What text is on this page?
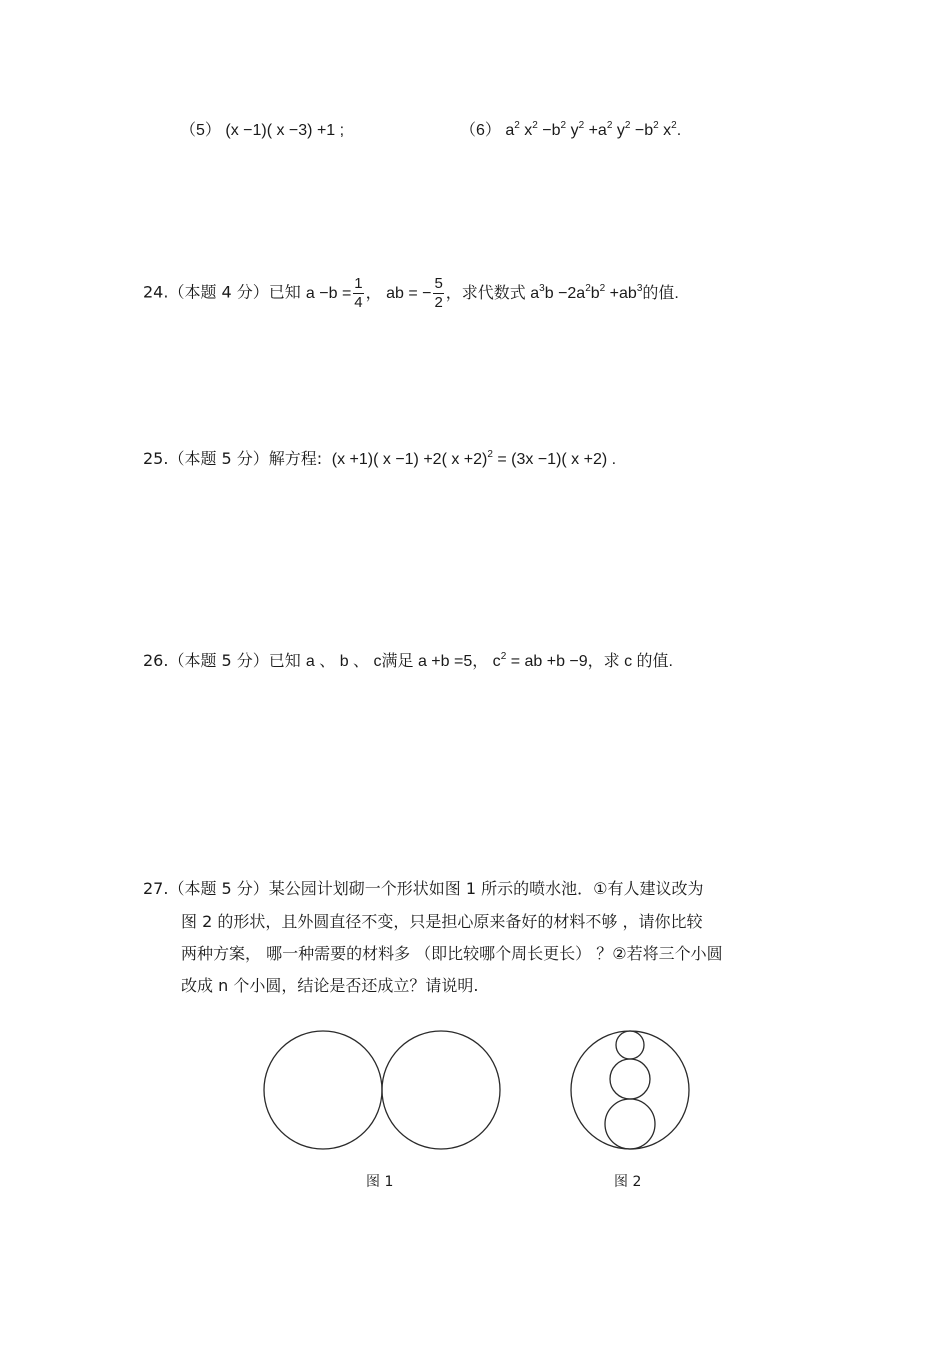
（5） (x −1)( x −3) +1 ;	（6） $a^2$ $x^2 -b^2$ $y^2 +a^2$ $y^2 -b^2$ $x^2$.
24.（本题 4 分）已知 $a -b = \frac{1}{4}$ ， ab = − $\frac{5}{2}$ ，求代数式 $a^3b -2a^2b^2 +ab^3$的值.
25.（本题 5 分）解方程: (x +1)( x −1) +2( x +2)$^2$ = (3x −1)( x +2) .
26.（本题 5 分）已知 a 、 b 、 c满足 a +b =5， $c^2$ = ab +b −9，求 c 的值.
27.（本题 5 分）某公园计划砌一个形状如图 1 所示的喷水池．①有人建议改为
图 2 的形状，且外圆直径不变，只是担心原来备好的材料不够 ，请你比较
两种方案， 哪一种需要的材料多 （即比较哪个周长更长） ？②若将三个小圆
改成 n 个小圆，结论是否还成立？请说明.
图 1	图 2
